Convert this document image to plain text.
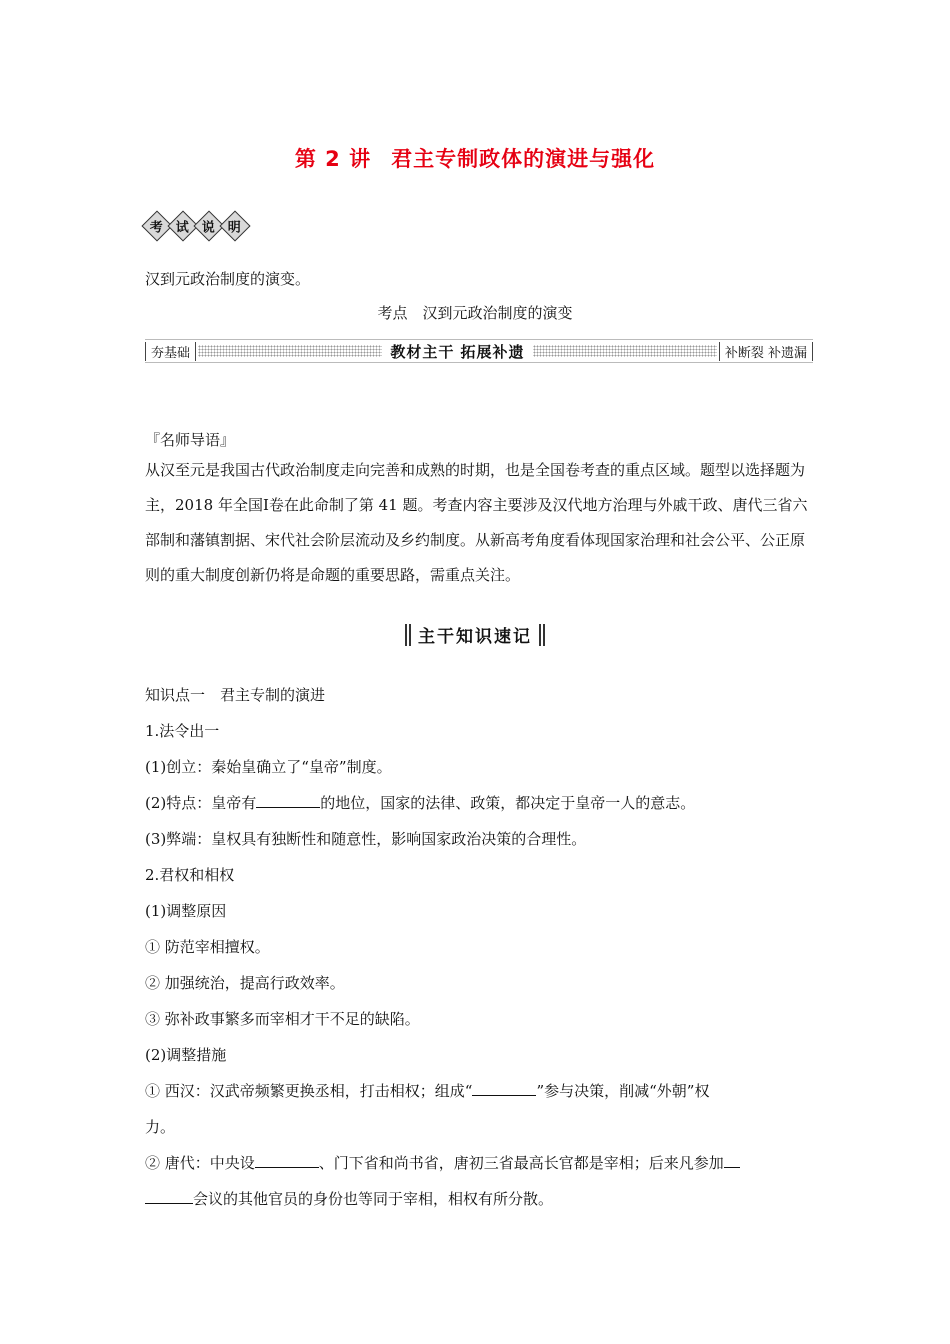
第 2 讲 君主专制政体的演进与强化
考 试 说 明
汉到元政治制度的演变。
考点　汉到元政治制度的演变
夯基础	教材主干 拓展补遗	补断裂 补遗漏
『名师导语』
从汉至元是我国古代政治制度走向完善和成熟的时期，也是全国卷考查的重点区域。题型以选择题为主，2018 年全国Ⅰ卷在此命制了第 41 题。考查内容主要涉及汉代地方治理与外戚干政、唐代三省六部制和藩镇割据、宋代社会阶层流动及乡约制度。从新高考角度看体现国家治理和社会公平、公正原则的重大制度创新仍将是命题的重要思路，需重点关注。
主干知识速记
知识点一　君主专制的演进
1.法令出一
(1)创立：秦始皇确立了“皇帝”制度。
(2)特点：皇帝有	的地位，国家的法律、政策，都决定于皇帝一人的意志。
(3)弊端：皇权具有独断性和随意性，影响国家政治决策的合理性。
2.君权和相权
(1)调整原因
① 防范宰相擅权。
② 加强统治，提高行政效率。
③ 弥补政事繁多而宰相才干不足的缺陷。
(2)调整措施
① 西汉：汉武帝频繁更换丞相，打击相权；组成“	”参与决策，削减“外朝”权
力。
② 唐代：中央设	、门下省和尚书省，唐初三省最高长官都是宰相；后来凡参加
会议的其他官员的身份也等同于宰相，相权有所分散。
